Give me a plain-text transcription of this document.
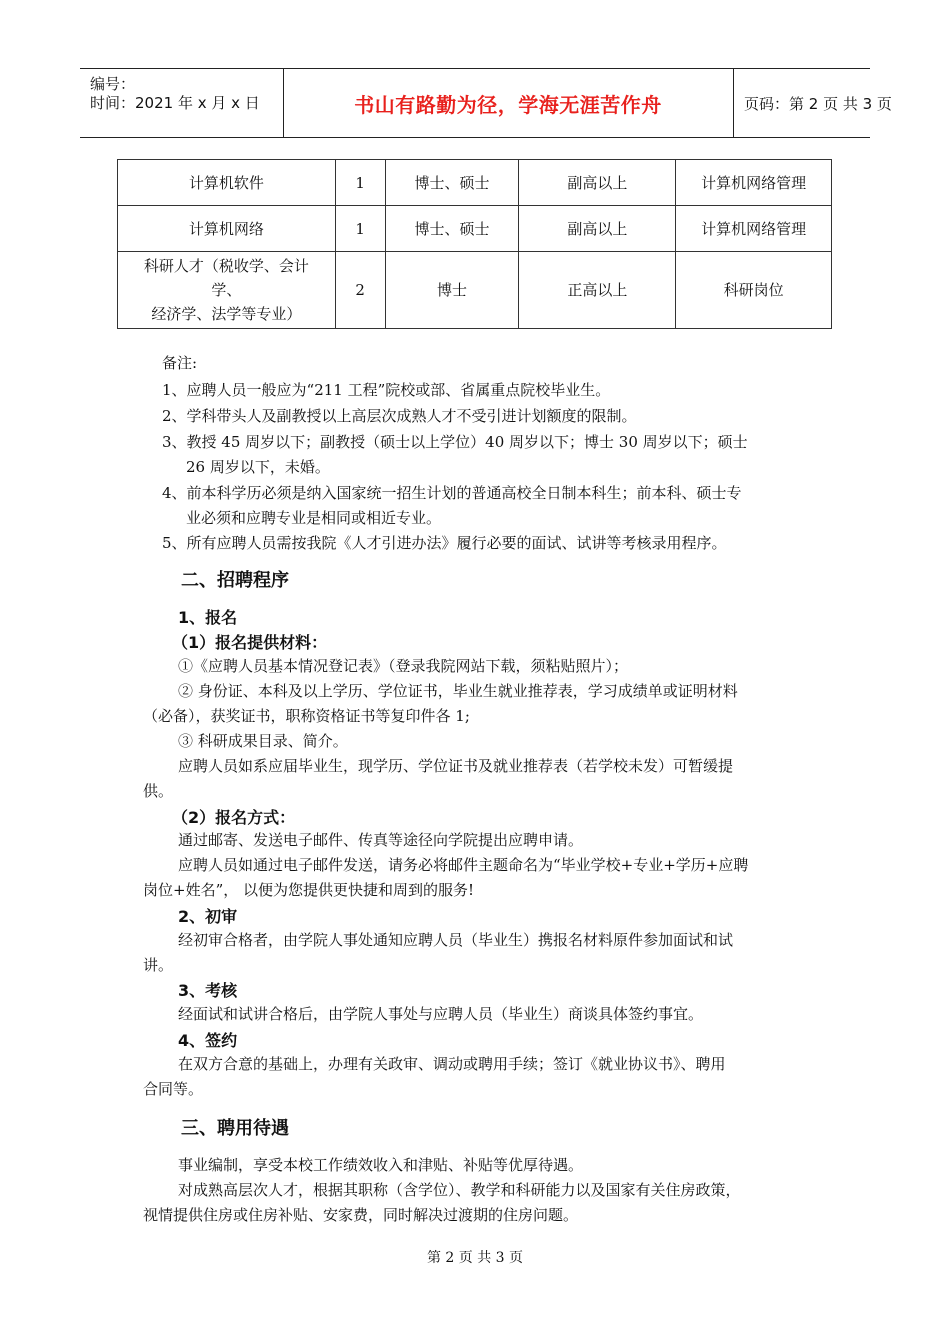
编号：
时间：2021 年 x 月 x 日	书山有路勤为径，学海无涯苦作舟	页码：第 2 页 共 3 页
计算机软件	1	博士、硕士	副高以上	计算机网络管理
计算机网络	1	博士、硕士	副高以上	计算机网络管理

科研人才（税收学、会计
学、
经济学、法学等专业）	2	博士	正高以上	科研岗位
备注:
1、应聘人员一般应为“211 工程”院校或部、省属重点院校毕业生。
2、学科带头人及副教授以上高层次成熟人才不受引进计划额度的限制。
3、教授 45 周岁以下；副教授（硕士以上学位）40 周岁以下；博士 30 周岁以下；硕士
26 周岁以下，未婚。
4、前本科学历必须是纳入国家统一招生计划的普通高校全日制本科生；前本科、硕士专
业必须和应聘专业是相同或相近专业。
5、所有应聘人员需按我院《人才引进办法》履行必要的面试、试讲等考核录用程序。
二、招聘程序
1、报名
（1）报名提供材料：
①《应聘人员基本情况登记表》（登录我院网站下载，须粘贴照片）；
② 身份证、本科及以上学历、学位证书，毕业生就业推荐表，学习成绩单或证明材料
（必备），获奖证书，职称资格证书等复印件各 1;
③ 科研成果目录、简介。
应聘人员如系应届毕业生，现学历、学位证书及就业推荐表（若学校未发）可暂缓提
供。
（2）报名方式：
通过邮寄、发送电子邮件、传真等途径向学院提出应聘申请。
应聘人员如通过电子邮件发送，请务必将邮件主题命名为“毕业学校+专业+学历+应聘
岗位+姓名”， 以便为您提供更快捷和周到的服务!
2、初审
经初审合格者，由学院人事处通知应聘人员（毕业生）携报名材料原件参加面试和试
讲。
3、考核
经面试和试讲合格后，由学院人事处与应聘人员（毕业生）商谈具体签约事宜。
4、签约
在双方合意的基础上，办理有关政审、调动或聘用手续；签订《就业协议书》、聘用
合同等。
三、聘用待遇
事业编制，享受本校工作绩效收入和津贴、补贴等优厚待遇。
对成熟高层次人才，根据其职称（含学位）、教学和科研能力以及国家有关住房政策，
视情提供住房或住房补贴、安家费，同时解决过渡期的住房问题。
第 2 页 共 3 页
